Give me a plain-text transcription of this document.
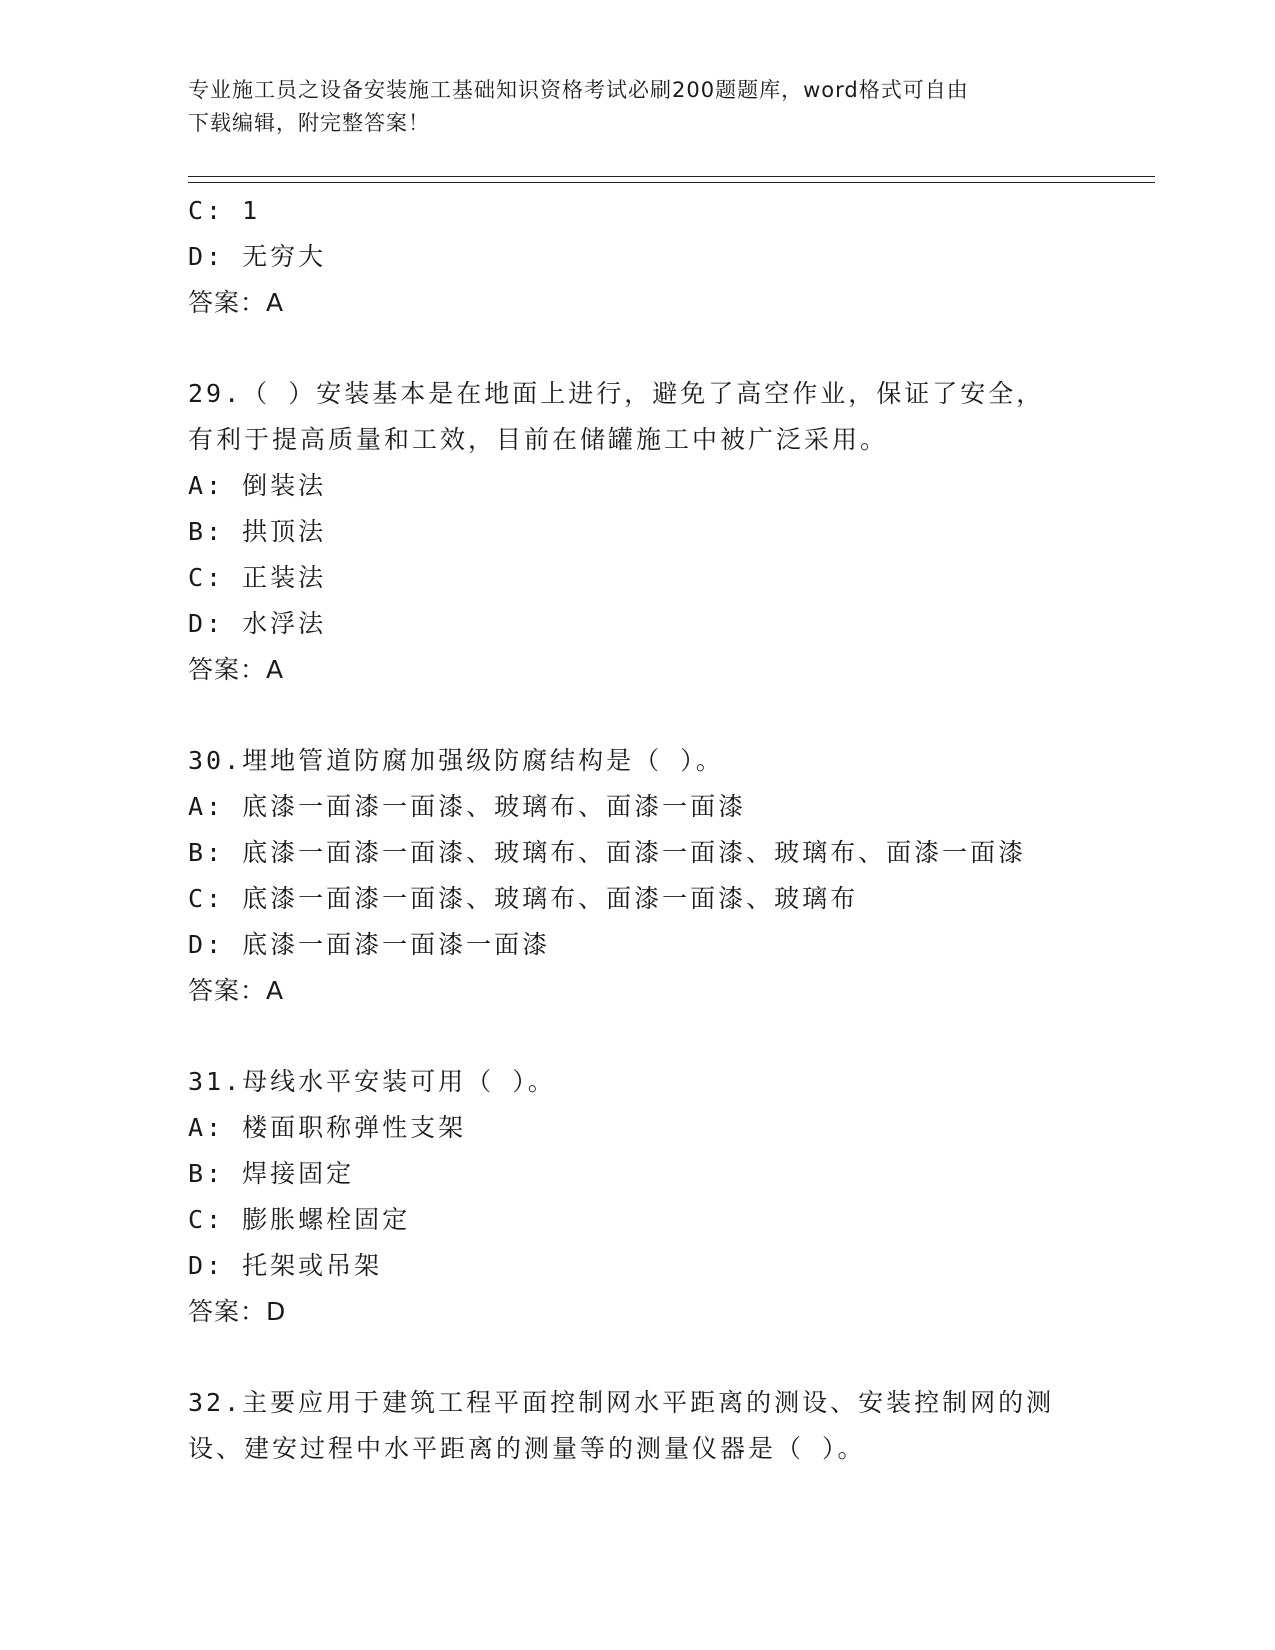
专业施工员之设备安装施工基础知识资格考试必刷200题题库，word格式可自由
下载编辑，附完整答案！
C: 1
D: 无穷大
答案：A
29.（ ）安装基本是在地面上进行，避免了高空作业，保证了安全，
有利于提高质量和工效，目前在储罐施工中被广泛采用。
A: 倒装法
B: 拱顶法
C: 正装法
D: 水浮法
答案：A
30.埋地管道防腐加强级防腐结构是（ ）。
A: 底漆一面漆一面漆、玻璃布、面漆一面漆
B: 底漆一面漆一面漆、玻璃布、面漆一面漆、玻璃布、面漆一面漆
C: 底漆一面漆一面漆、玻璃布、面漆一面漆、玻璃布
D: 底漆一面漆一面漆一面漆
答案：A
31.母线水平安装可用（ ）。
A: 楼面职称弹性支架
B: 焊接固定
C: 膨胀螺栓固定
D: 托架或吊架
答案：D
32.主要应用于建筑工程平面控制网水平距离的测设、安装控制网的测
设、建安过程中水平距离的测量等的测量仪器是（ ）。
